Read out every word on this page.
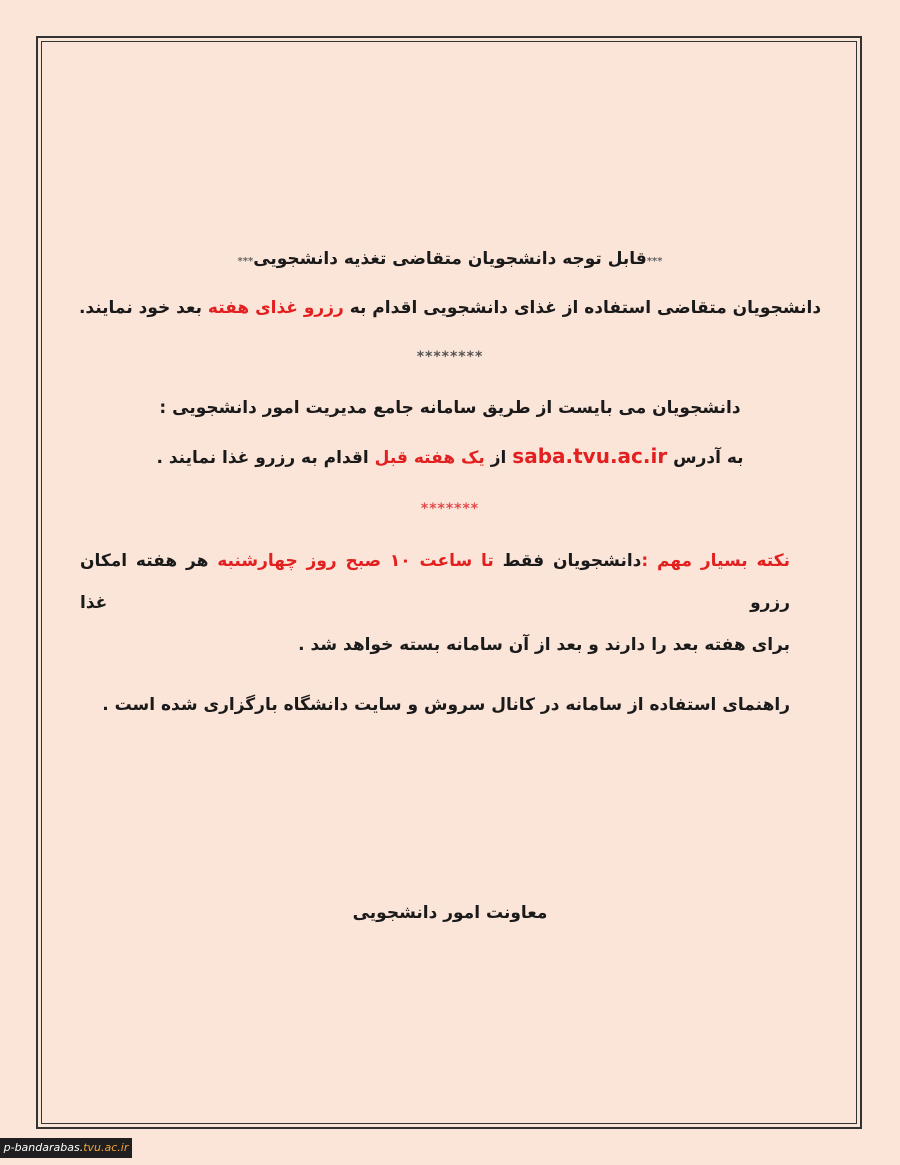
***قابل توجه دانشجویان متقاضی تغذیه دانشجویی***
دانشجویان متقاضی استفاده از غذای دانشجویی اقدام به رزرو غذای هفته بعد خود نمایند.
********
دانشجویان می بایست از طریق سامانه جامع مدیریت امور دانشجویی :
به آدرس saba.tvu.ac.ir از یک هفته قبل اقدام به رزرو غذا نمایند .
*******
نکته بسیار مهم :دانشجویان فقط تا ساعت ۱۰ صبح روز چهارشنبه هر هفته امکان رزرو غذا
برای هفته بعد را دارند و بعد از آن سامانه بسته خواهد شد .
راهنمای استفاده از سامانه در کانال سروش و سایت دانشگاه بارگزاری شده است .
معاونت امور دانشجویی
p-bandarabas.tvu.ac.ir
